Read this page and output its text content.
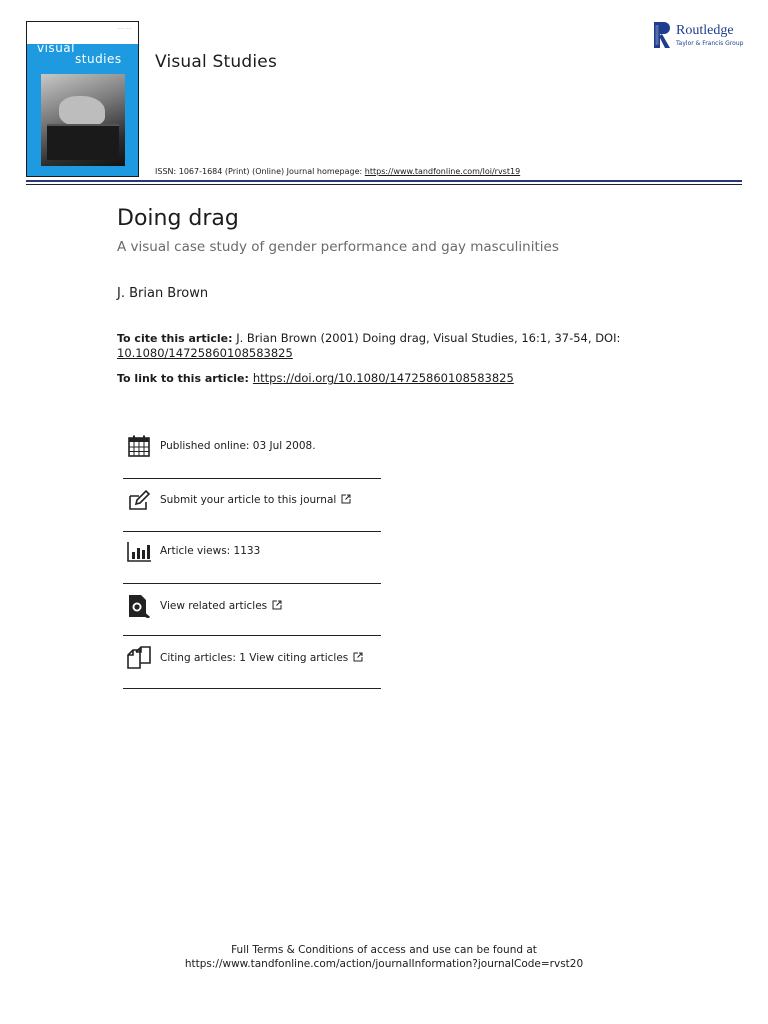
—— ——
visual
studies Visual Studies
Routledge
Taylor & Francis Group
ISSN: 1067-1684 (Print) (Online) Journal homepage: https://www.tandfonline.com/loi/rvst19
Doing drag
A visual case study of gender performance and gay masculinities
J. Brian Brown
To cite this article: J. Brian Brown (2001) Doing drag, Visual Studies, 16:1, 37-54, DOI: 10.1080/14725860108583825
To link to this article: https://doi.org/10.1080/14725860108583825
Published online: 03 Jul 2008.
Submit your article to this journal
Article views: 1133
View related articles
Citing articles: 1 View citing articles
Full Terms & Conditions of access and use can be found at
https://www.tandfonline.com/action/journalInformation?journalCode=rvst20
